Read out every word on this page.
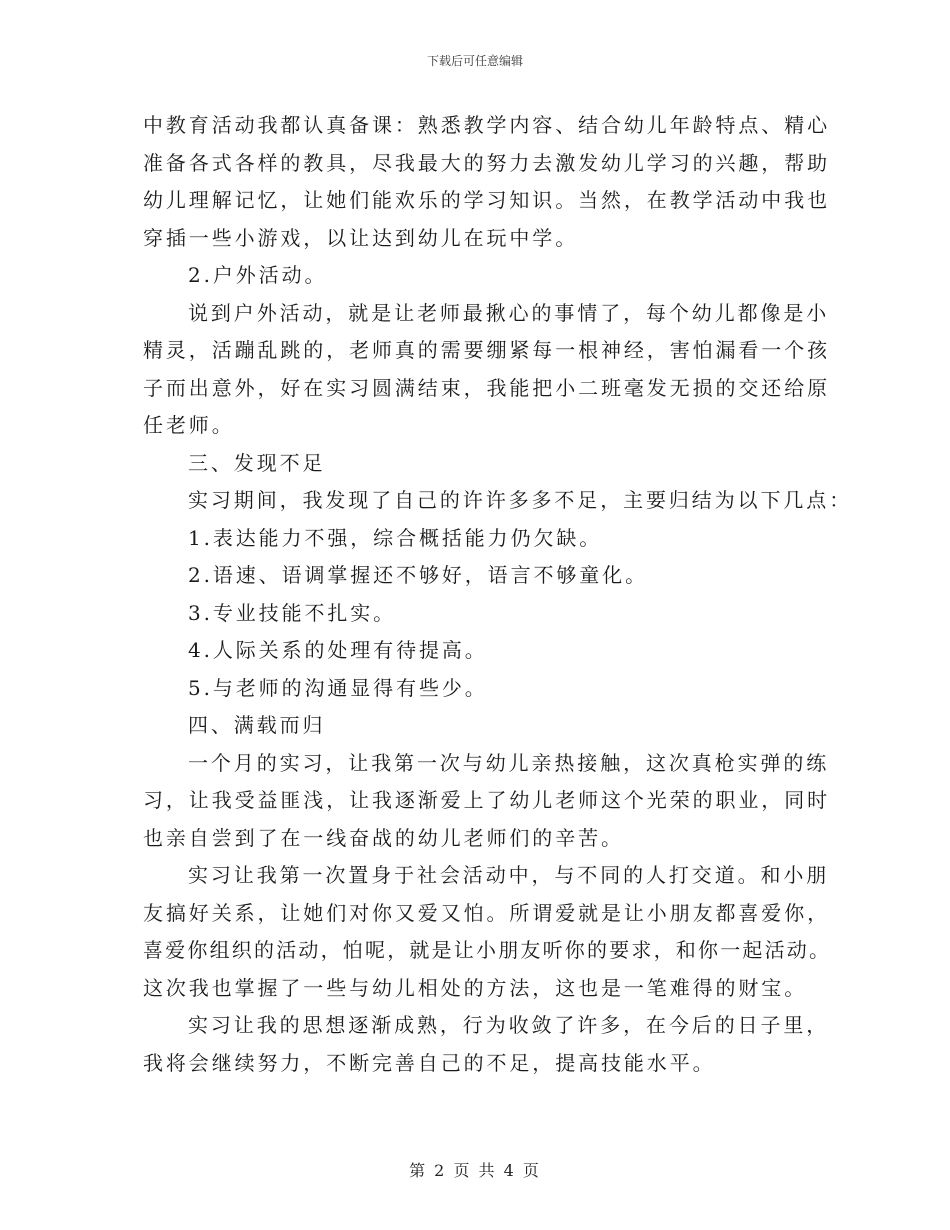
下载后可任意编辑
中教育活动我都认真备课：熟悉教学内容、结合幼儿年龄特点、精心
准备各式各样的教具，尽我最大的努力去激发幼儿学习的兴趣，帮助
幼儿理解记忆，让她们能欢乐的学习知识。当然，在教学活动中我也
穿插一些小游戏，以让达到幼儿在玩中学。
2.户外活动。
说到户外活动，就是让老师最揪心的事情了，每个幼儿都像是小
精灵，活蹦乱跳的，老师真的需要绷紧每一根神经，害怕漏看一个孩
子而出意外，好在实习圆满结束，我能把小二班毫发无损的交还给原
任老师。
三、发现不足
实习期间，我发现了自己的许许多多不足，主要归结为以下几点：
1.表达能力不强，综合概括能力仍欠缺。
2.语速、语调掌握还不够好，语言不够童化。
3.专业技能不扎实。
4.人际关系的处理有待提高。
5.与老师的沟通显得有些少。
四、满载而归
一个月的实习，让我第一次与幼儿亲热接触，这次真枪实弹的练
习，让我受益匪浅，让我逐渐爱上了幼儿老师这个光荣的职业，同时
也亲自尝到了在一线奋战的幼儿老师们的辛苦。
实习让我第一次置身于社会活动中，与不同的人打交道。和小朋
友搞好关系，让她们对你又爱又怕。所谓爱就是让小朋友都喜爱你，
喜爱你组织的活动，怕呢，就是让小朋友听你的要求，和你一起活动。
这次我也掌握了一些与幼儿相处的方法，这也是一笔难得的财宝。
实习让我的思想逐渐成熟，行为收敛了许多，在今后的日子里，
我将会继续努力，不断完善自己的不足，提高技能水平。
第 2 页 共 4 页
